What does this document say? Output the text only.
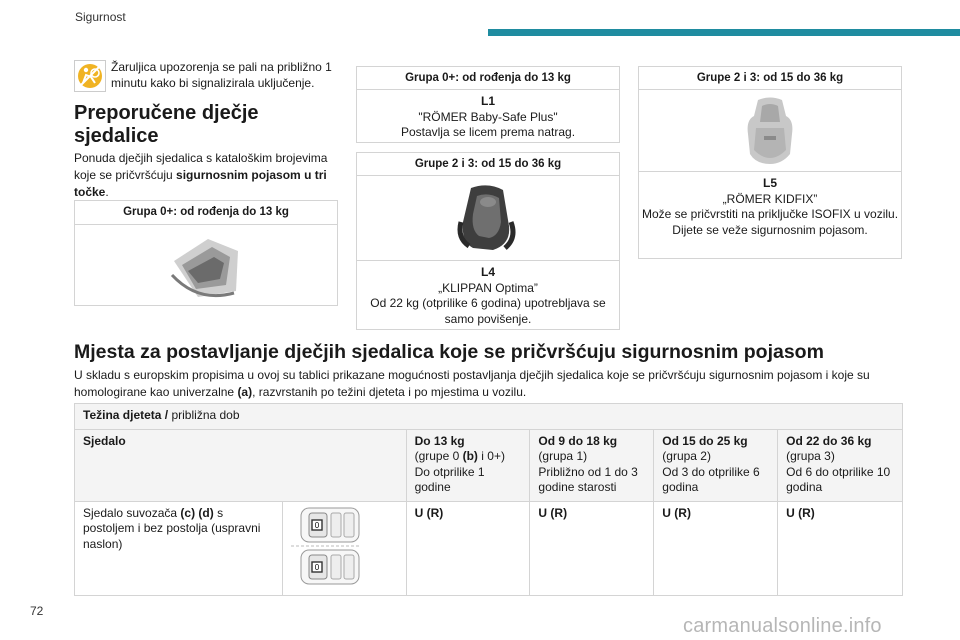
Sigurnost
Žaruljica upozorenja se pali na približno 1 minutu kako bi signalizirala uključenje.
Preporučene dječje sjedalice
Ponuda dječjih sjedalica s kataloškim brojevima koje se pričvršćuju sigurnosnim pojasom u tri točke.
Grupa 0+: od rođenja do 13 kg
Grupa 0+: od rođenja do 13 kg
L1
"RÖMER Baby-Safe Plus"
Postavlja se licem prema natrag.
Grupe 2 i 3: od 15 do 36 kg
L4
„KLIPPAN Optima”
Od 22 kg (otprilike 6 godina) upotrebljava se samo povišenje.
Grupe 2 i 3: od 15 do 36 kg
L5
„RÖMER KIDFIX”
Može se pričvrstiti na priključke ISOFIX u vozilu.
Dijete se veže sigurnosnim pojasom.
Mjesta za postavljanje dječjih sjedalica koje se pričvršćuju sigurnosnim pojasom
U skladu s europskim propisima u ovoj su tablici prikazane mogućnosti postavljanja dječjih sjedalica koje se pričvršćuju sigurnosnim pojasom i koje su homologirane kao univerzalne (a), razvrstanih po težini djeteta i po mjestima u vozilu.
Težina djeteta / približna dob					
Sjedalo		Do 13 kg
(grupe 0 (b) i 0+)
Do otprilike 1
godine	Od 9 do 18 kg
(grupa 1)
Približno od 1 do 3
godine starosti	Od 15 do 25 kg
(grupa 2)
Od 3 do otprilike 6
godina	Od 22 do 36 kg
(grupa 3)
Od 6 do otprilike 10
godina

Sjedalo suvozača (c) (d) s postoljem i bez postolja (uspravni naslon)	0
0	U (R)	U (R)	U (R)	U (R)
72
carmanualsonline.info
